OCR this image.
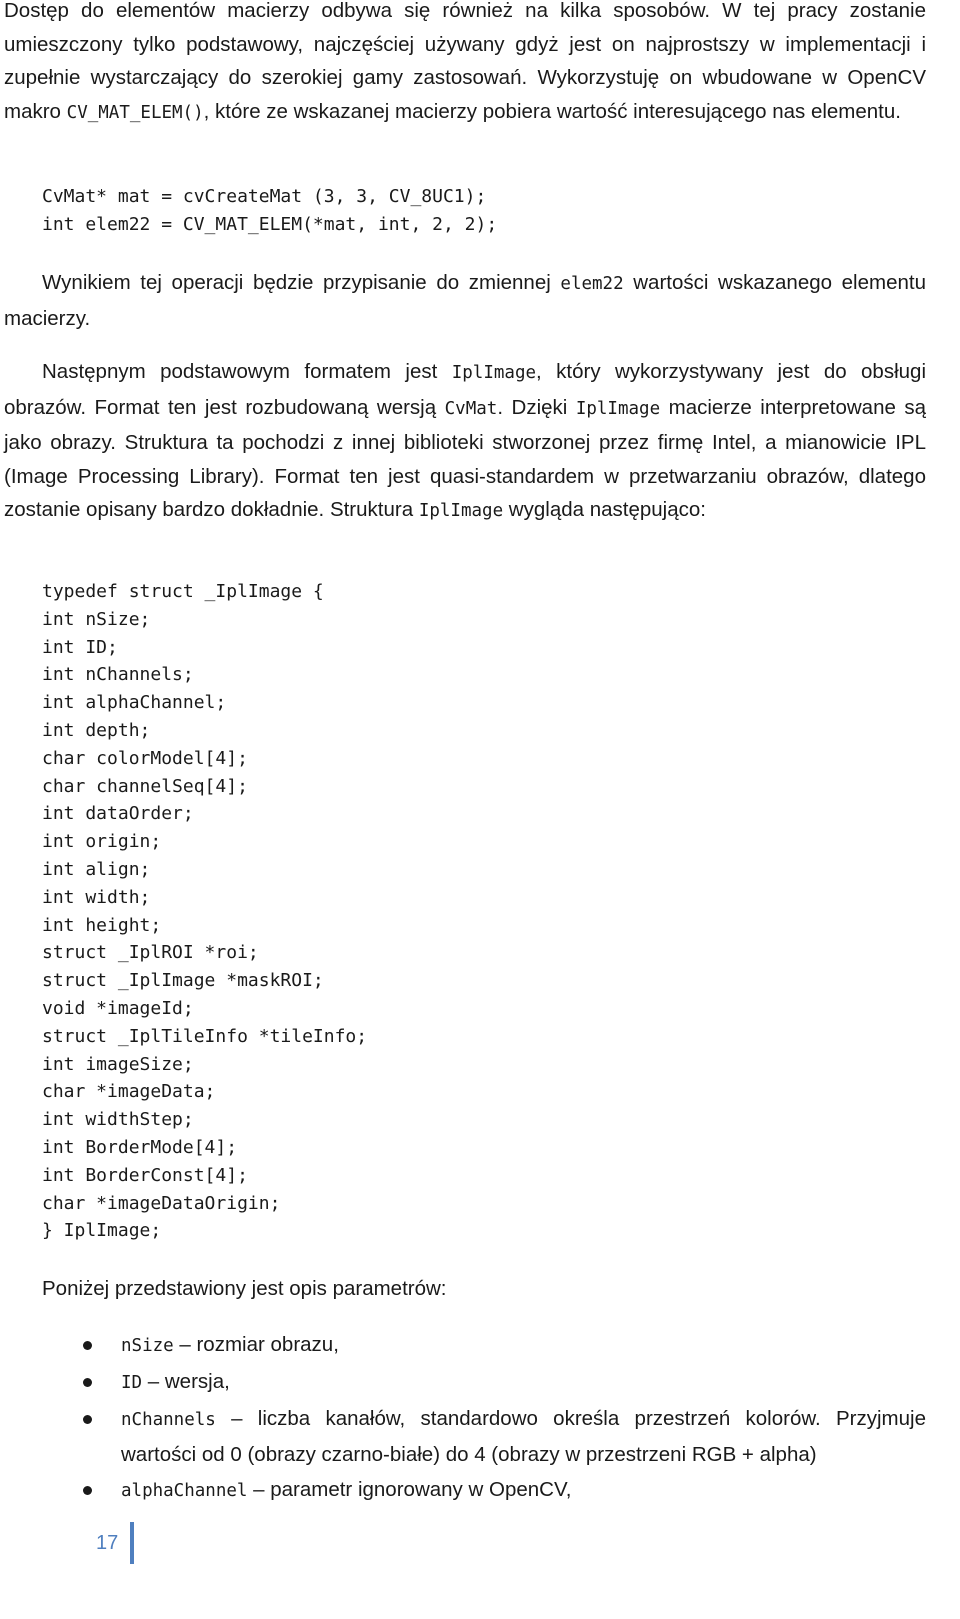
Dostęp do elementów macierzy odbywa się również na kilka sposobów. W tej pracy zostanie umieszczony tylko podstawowy, najczęściej używany gdyż jest on najprostszy w implementacji i zupełnie wystarczający do szerokiej gamy zastosowań. Wykorzystuję on wbudowane w OpenCV makro CV_MAT_ELEM(), które ze wskazanej macierzy pobiera wartość interesującego nas elementu.

CvMat* mat = cvCreateMat (3, 3, CV_8UC1);
int elem22 = CV_MAT_ELEM(*mat, int, 2, 2);

Wynikiem tej operacji będzie przypisanie do zmiennej elem22 wartości wskazanego elementu macierzy.

Następnym podstawowym formatem jest IplImage, który wykorzystywany jest do obsługi obrazów. Format ten jest rozbudowaną wersją CvMat. Dzięki IplImage macierze interpretowane są jako obrazy. Struktura ta pochodzi z innej biblioteki stworzonej przez firmę Intel, a mianowicie IPL (Image Processing Library). Format ten jest quasi-standardem w przetwarzaniu obrazów, dlatego zostanie opisany bardzo dokładnie. Struktura IplImage wygląda następująco:

typedef struct _IplImage {
int nSize;
int ID;
int nChannels;
int alphaChannel;
int depth;
char colorModel[4];
char channelSeq[4];
int dataOrder;
int origin;
int align;
int width;
int height;
struct _IplROI *roi;
struct _IplImage *maskROI;
void *imageId;
struct _IplTileInfo *tileInfo;
int imageSize;
char *imageData;
int widthStep;
int BorderMode[4];
int BorderConst[4];
char *imageDataOrigin;
} IplImage;

Poniżej przedstawiony jest opis parametrów:

nSize – rozmiar obrazu,
ID – wersja,
nChannels – liczba kanałów, standardowo określa przestrzeń kolorów. Przyjmuje wartości od 0 (obrazy czarno-białe) do 4 (obrazy w przestrzeni RGB + alpha)
alphaChannel – parametr ignorowany w OpenCV,
17
